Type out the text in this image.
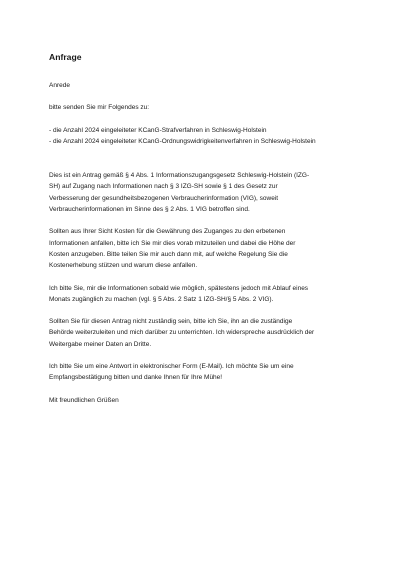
Anfrage

Anrede

bitte senden Sie mir Folgendes zu:

- die Anzahl 2024 eingeleiteter KCanG-Strafverfahren in Schleswig-Holstein
- die Anzahl 2024 eingeleiteter KCanG-Ordnungswidrigkeitenverfahren in Schleswig-Holstein

Dies ist ein Antrag gemäß § 4 Abs. 1 Informationszugangsgesetz Schleswig-Holstein (IZG-
SH) auf Zugang nach Informationen nach § 3 IZG-SH sowie § 1 des Gesetz zur
Verbesserung der gesundheitsbezogenen Verbraucherinformation (VIG), soweit
Verbraucherinformationen im Sinne des § 2 Abs. 1 VIG betroffen sind.

Sollten aus Ihrer Sicht Kosten für die Gewährung des Zuganges zu den erbetenen
Informationen anfallen, bitte ich Sie mir dies vorab mitzuteilen und dabei die Höhe der
Kosten anzugeben. Bitte teilen Sie mir auch dann mit, auf welche Regelung Sie die
Kostenerhebung stützen und warum diese anfallen.

Ich bitte Sie, mir die Informationen sobald wie möglich, spätestens jedoch mit Ablauf eines
Monats zugänglich zu machen (vgl. § 5 Abs. 2 Satz 1 IZG-SH/§ 5 Abs. 2 VIG).

Sollten Sie für diesen Antrag nicht zuständig sein, bitte ich Sie, ihn an die zuständige
Behörde weiterzuleiten und mich darüber zu unterrichten. Ich widerspreche ausdrücklich der
Weitergabe meiner Daten an Dritte.

Ich bitte Sie um eine Antwort in elektronischer Form (E-Mail). Ich möchte Sie um eine
Empfangsbestätigung bitten und danke Ihnen für Ihre Mühe!

Mit freundlichen Grüßen
